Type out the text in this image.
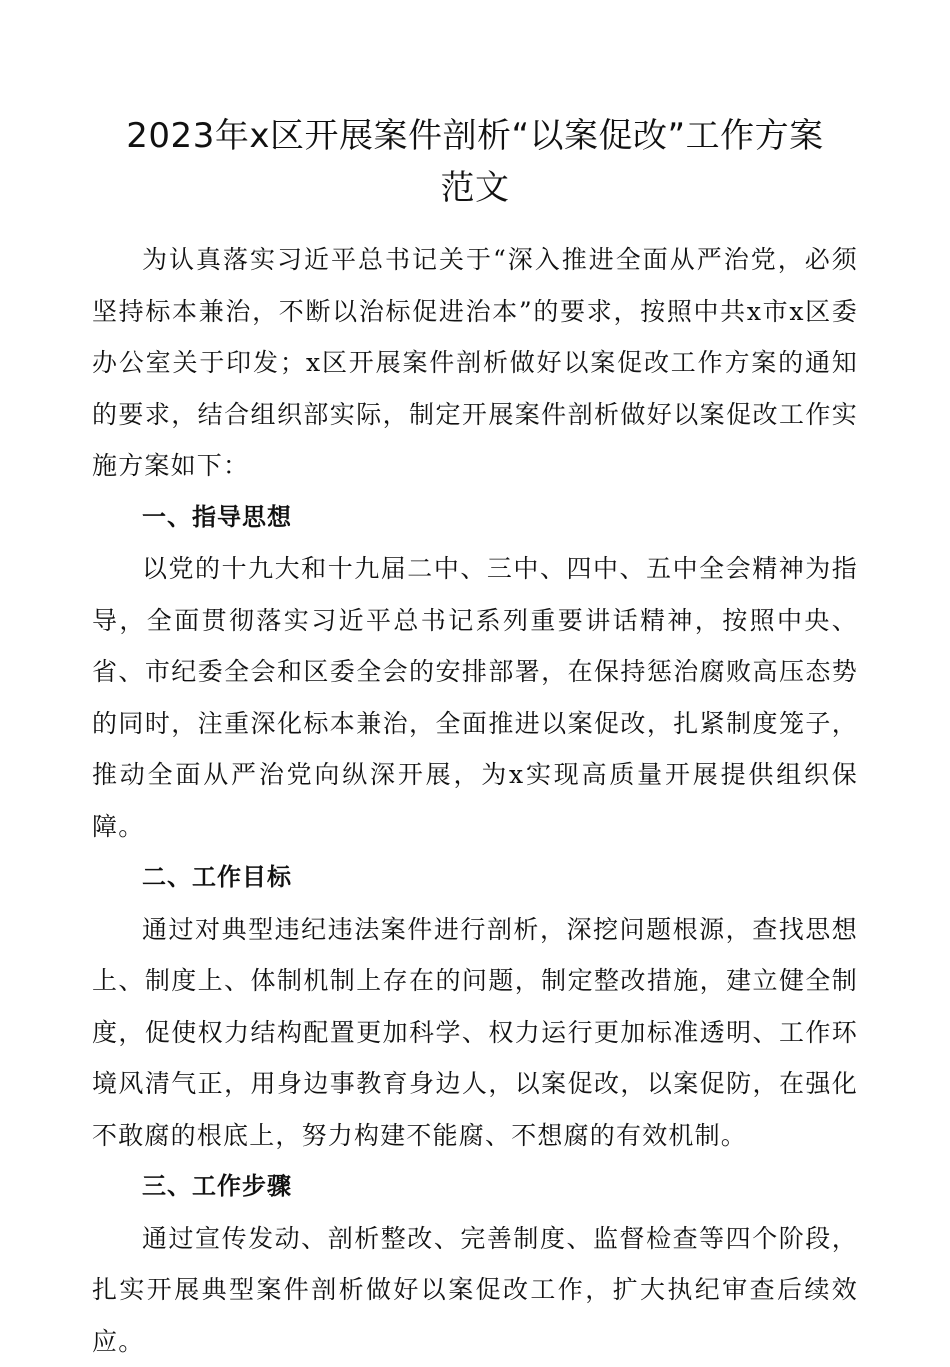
2023年x区开展案件剖析“以案促改”工作方案
范文

为认真落实习近平总书记关于“深入推进全面从严治党，必须坚持标本兼治，不断以治标促进治本”的要求，按照中共x市x区委办公室关于印发；x区开展案件剖析做好以案促改工作方案的通知的要求，结合组织部实际，制定开展案件剖析做好以案促改工作实施方案如下：

一、指导思想

以党的十九大和十九届二中、三中、四中、五中全会精神为指导，全面贯彻落实习近平总书记系列重要讲话精神，按照中央、省、市纪委全会和区委全会的安排部署，在保持惩治腐败高压态势的同时，注重深化标本兼治，全面推进以案促改，扎紧制度笼子，推动全面从严治党向纵深开展，为x实现高质量开展提供组织保障。

二、工作目标

通过对典型违纪违法案件进行剖析，深挖问题根源，查找思想上、制度上、体制机制上存在的问题，制定整改措施，建立健全制度，促使权力结构配置更加科学、权力运行更加标准透明、工作环境风清气正，用身边事教育身边人，以案促改，以案促防，在强化不敢腐的根底上，努力构建不能腐、不想腐的有效机制。

三、工作步骤

通过宣传发动、剖析整改、完善制度、监督检查等四个阶段，扎实开展典型案件剖析做好以案促改工作，扩大执纪审查后续效应。
